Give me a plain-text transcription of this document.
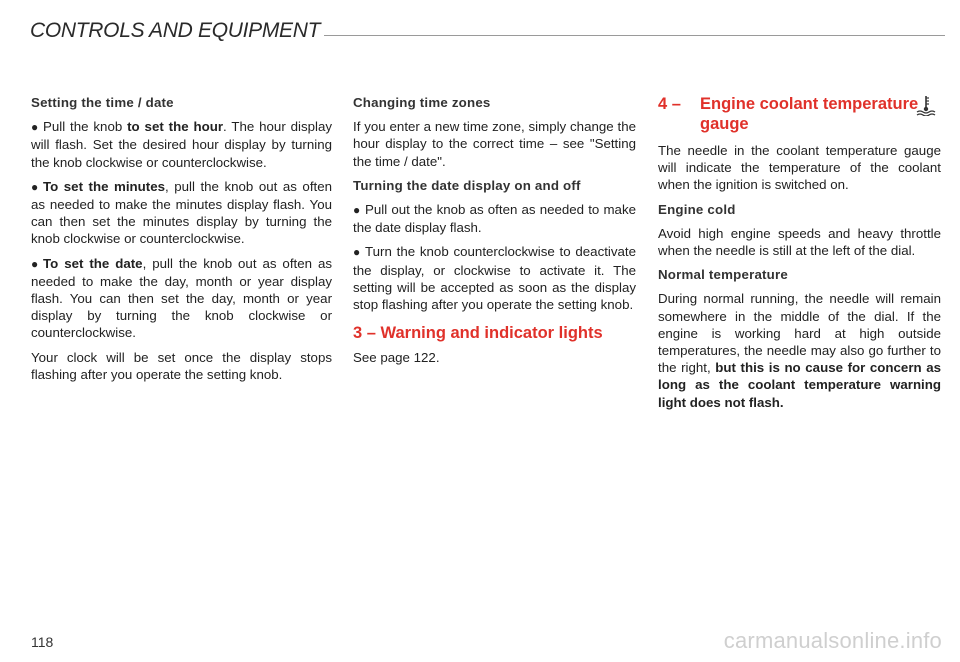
CONTROLS AND EQUIPMENT
Setting the time / date

● Pull the knob to set the hour. The hour display will flash. Set the desired hour display by turning the knob clockwise or counterclockwise.

● To set the minutes, pull the knob out as often as needed to make the minutes display flash. You can then set the minutes display by turning the knob clockwise or counterclockwise.

● To set the date, pull the knob out as often as needed to make the day, month or year display flash. You can then set the day, month or year display by turning the knob clockwise or counterclockwise.

Your clock will be set once the display stops flashing after you operate the setting knob.

Changing time zones

If you enter a new time zone, simply change the hour display to the correct time – see "Setting the time / date".

Turning the date display on and off

● Pull out the knob as often as needed to make the date display flash.

● Turn the knob counterclockwise to deactivate the display, or clockwise to activate it. The setting will be accepted as soon as the display stop flashing after you operate the setting knob.

3 – Warning and indicator lights

See page 122.

4 – Engine coolant temperature gauge

The needle in the coolant temperature gauge will indicate the temperature of the coolant when the ignition is switched on.

Engine cold

Avoid high engine speeds and heavy throttle when the needle is still at the left of the dial.

Normal temperature

During normal running, the needle will remain somewhere in the middle of the dial. If the engine is working hard at high outside temperatures, the needle may also go further to the right, but this is no cause for concern as long as the coolant temperature warning light does not flash.

118	carmanualsonline.info
